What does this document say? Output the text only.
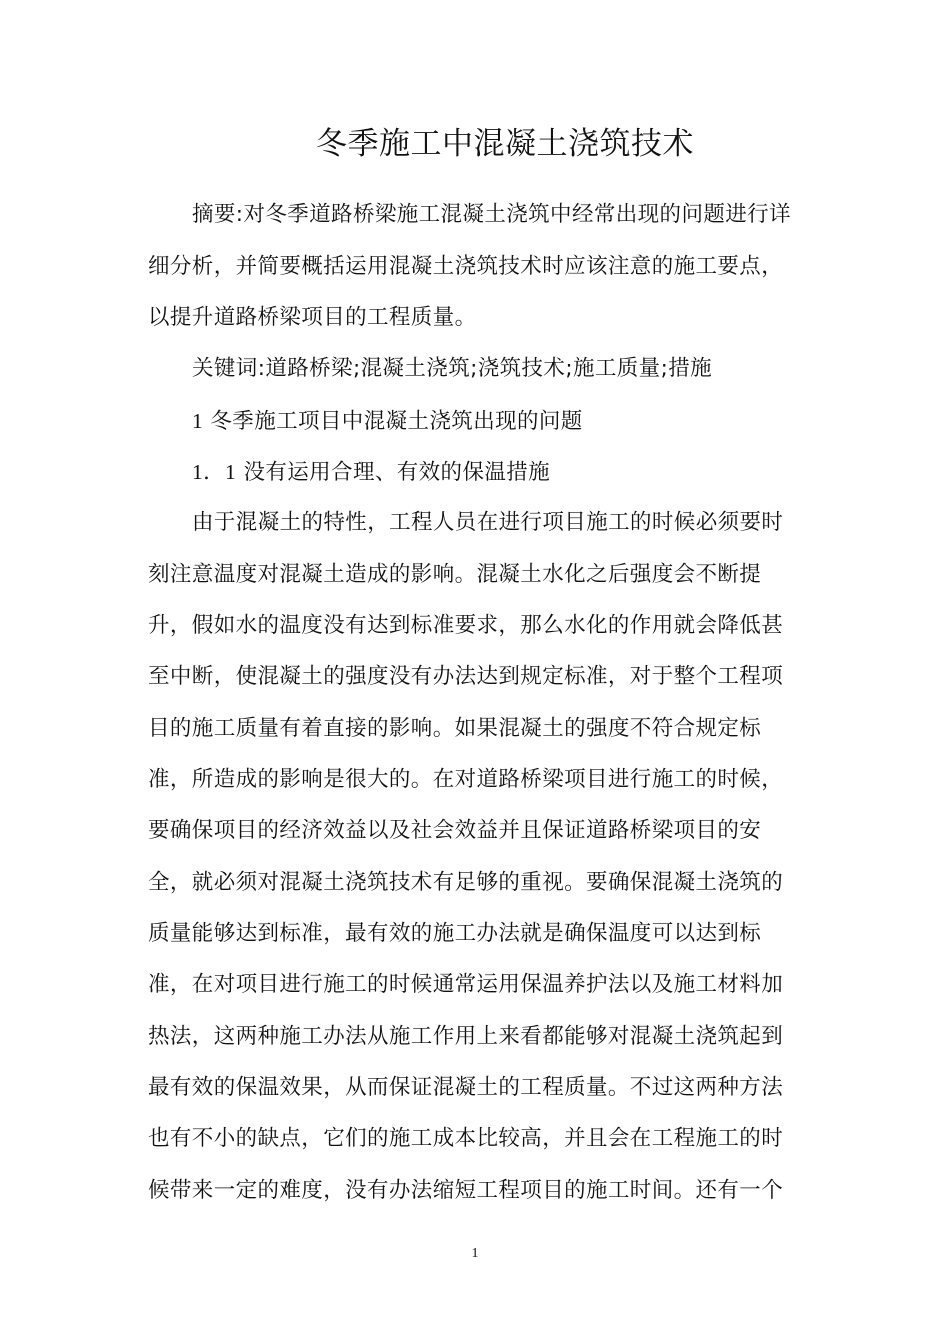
冬季施工中混凝土浇筑技术
摘要:对冬季道路桥梁施工混凝土浇筑中经常出现的问题进行详
细分析，并简要概括运用混凝土浇筑技术时应该注意的施工要点，
以提升道路桥梁项目的工程质量。
关键词:道路桥梁;混凝土浇筑;浇筑技术;施工质量;措施
1 冬季施工项目中混凝土浇筑出现的问题
1．1 没有运用合理、有效的保温措施
由于混凝土的特性，工程人员在进行项目施工的时候必须要时
刻注意温度对混凝土造成的影响。混凝土水化之后强度会不断提
升，假如水的温度没有达到标准要求，那么水化的作用就会降低甚
至中断，使混凝土的强度没有办法达到规定标准，对于整个工程项
目的施工质量有着直接的影响。如果混凝土的强度不符合规定标
准，所造成的影响是很大的。在对道路桥梁项目进行施工的时候，
要确保项目的经济效益以及社会效益并且保证道路桥梁项目的安
全，就必须对混凝土浇筑技术有足够的重视。要确保混凝土浇筑的
质量能够达到标准，最有效的施工办法就是确保温度可以达到标
准，在对项目进行施工的时候通常运用保温养护法以及施工材料加
热法，这两种施工办法从施工作用上来看都能够对混凝土浇筑起到
最有效的保温效果，从而保证混凝土的工程质量。不过这两种方法
也有不小的缺点，它们的施工成本比较高，并且会在工程施工的时
候带来一定的难度，没有办法缩短工程项目的施工时间。还有一个
1
